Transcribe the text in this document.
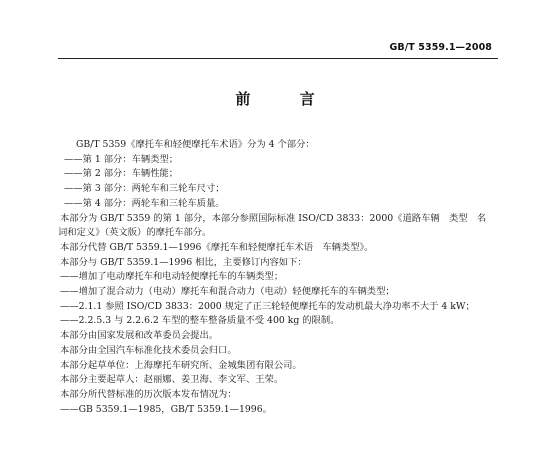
GB/T 5359.1—2008
前 言
GB/T 5359《摩托车和轻便摩托车术语》分为 4 个部分：
——第 1 部分：车辆类型；
——第 2 部分：车辆性能；
——第 3 部分：两轮车和三轮车尺寸；
——第 4 部分：两轮车和三轮车质量。
本部分为 GB/T 5359 的第 1 部分，本部分参照国际标准 ISO/CD 3833：2000《道路车辆　类型　名
词和定义》（英文版）的摩托车部分。
本部分代替 GB/T 5359.1—1996《摩托车和轻便摩托车术语　车辆类型》。
本部分与 GB/T 5359.1—1996 相比，主要修订内容如下：
——增加了电动摩托车和电动轻便摩托车的车辆类型；
——增加了混合动力（电动）摩托车和混合动力（电动）轻便摩托车的车辆类型；
——2.1.1 参照 ISO/CD 3833：2000 规定了正三轮轻便摩托车的发动机最大净功率不大于 4 kW；
——2.2.5.3 与 2.2.6.2 车型的整车整备质量不受 400 kg 的限制。
本部分由国家发展和改革委员会提出。
本部分由全国汽车标准化技术委员会归口。
本部分起草单位：上海摩托车研究所、金城集团有限公司。
本部分主要起草人：赵丽娜、姜卫海、李文军、王荣。
本部分所代替标准的历次版本发布情况为：
——GB 5359.1—1985，GB/T 5359.1—1996。
